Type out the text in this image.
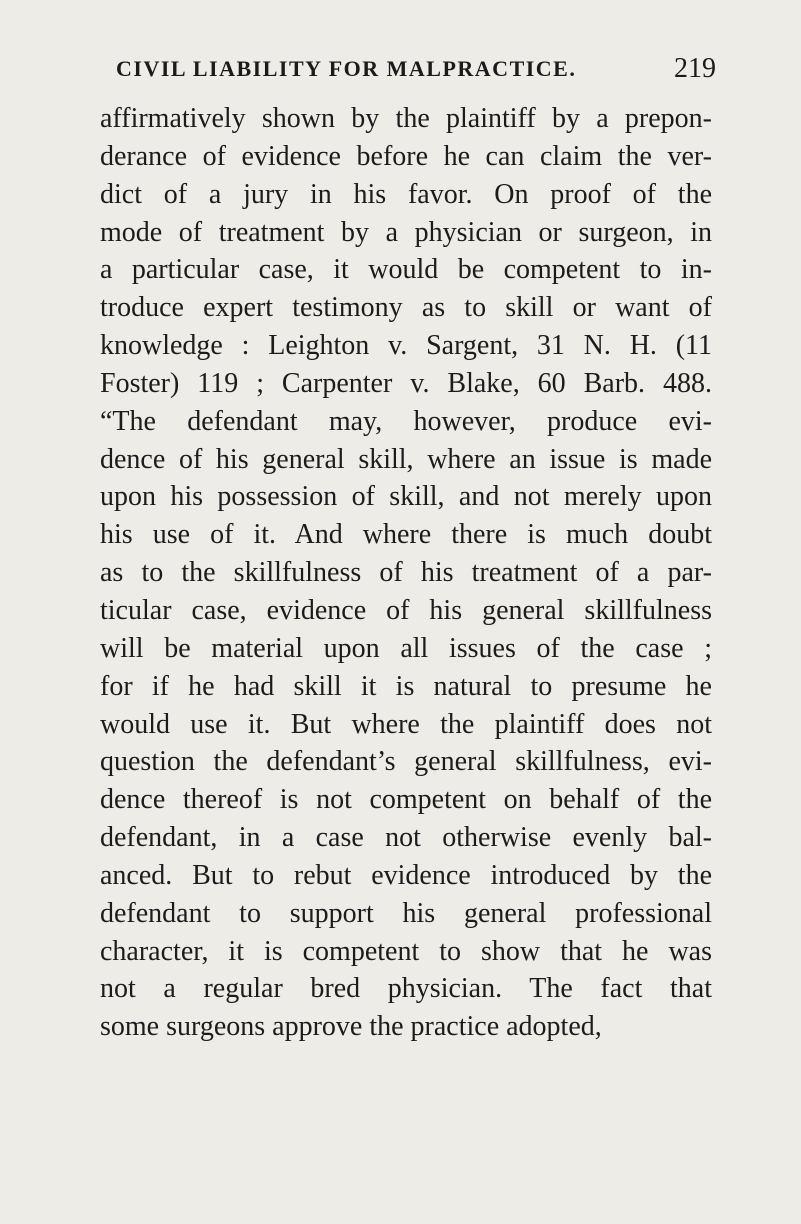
CIVIL LIABILITY FOR MALPRACTICE.	219
affirmatively shown by the plaintiff by a prepon-
derance of evidence before he can claim the ver-
dict of a jury in his favor. On proof of the
mode of treatment by a physician or surgeon, in
a particular case, it would be competent to in-
troduce expert testimony as to skill or want of
knowledge : Leighton v. Sargent, 31 N. H. (11
Foster) 119 ; Carpenter v. Blake, 60 Barb. 488.
“The defendant may, however, produce evi-
dence of his general skill, where an issue is made
upon his possession of skill, and not merely upon
his use of it. And where there is much doubt
as to the skillfulness of his treatment of a par-
ticular case, evidence of his general skillfulness
will be material upon all issues of the case ;
for if he had skill it is natural to presume he
would use it. But where the plaintiff does not
question the defendant’s general skillfulness, evi-
dence thereof is not competent on behalf of the
defendant, in a case not otherwise evenly bal-
anced. But to rebut evidence introduced by the
defendant to support his general professional
character, it is competent to show that he was
not a regular bred physician. The fact that
some surgeons approve the practice adopted,
